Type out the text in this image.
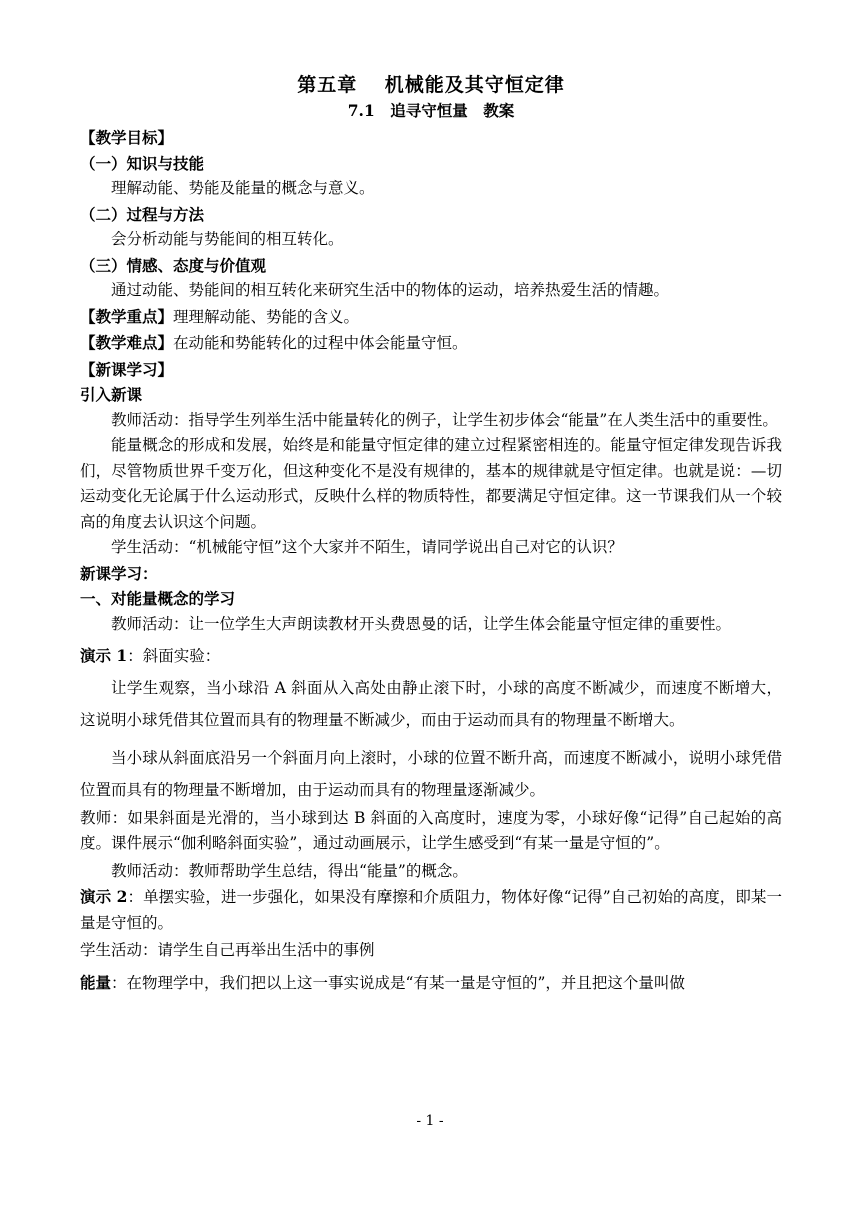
第五章　 机械能及其守恒定律

7.1　追寻守恒量　教案

【教学目标】

（一）知识与技能

理解动能、势能及能量的概念与意义。

（二）过程与方法

会分析动能与势能间的相互转化。

（三）情感、态度与价值观

通过动能、势能间的相互转化来研究生活中的物体的运动，培养热爱生活的情趣。

【教学重点】理理解动能、势能的含义。

【教学难点】在动能和势能转化的过程中体会能量守恒。

【新课学习】

引入新课

教师活动：指导学生列举生活中能量转化的例子，让学生初步体会“能量”在人类生活中的重要性。

能量概念的形成和发展，始终是和能量守恒定律的建立过程紧密相连的。能量守恒定律发现告诉我们，尽管物质世界千变万化，但这种变化不是没有规律的，基本的规律就是守恒定律。也就是说：—切运动变化无论属于什么运动形式，反映什么样的物质特性，都要满足守恒定律。这一节课我们从一个较高的角度去认识这个问题。

学生活动：“机械能守恒”这个大家并不陌生，请同学说出自己对它的认识？

新课学习：

一、对能量概念的学习

教师活动：让一位学生大声朗读教材开头费恩曼的话，让学生体会能量守恒定律的重要性。

演示 1：斜面实验：

让学生观察，当小球沿 A 斜面从入高处由静止滚下时，小球的高度不断减少，而速度不断增大，这说明小球凭借其位置而具有的物理量不断减少，而由于运动而具有的物理量不断增大。

当小球从斜面底沿另一个斜面月向上滚时，小球的位置不断升高，而速度不断减小，说明小球凭借位置而具有的物理量不断增加，由于运动而具有的物理量逐渐减少。

教师：如果斜面是光滑的，当小球到达 B 斜面的入高度时，速度为零，小球好像“记得”自己起始的高度。课件展示“伽利略斜面实验”，通过动画展示，让学生感受到“有某一量是守恒的”。

教师活动：教师帮助学生总结，得出“能量”的概念。

演示 2：单摆实验，进一步强化，如果没有摩擦和介质阻力，物体好像“记得”自己初始的高度，即某一量是守恒的。

学生活动：请学生自己再举出生活中的事例

能量：在物理学中，我们把以上这一事实说成是“有某一量是守恒的”，并且把这个量叫做

- 1 -
